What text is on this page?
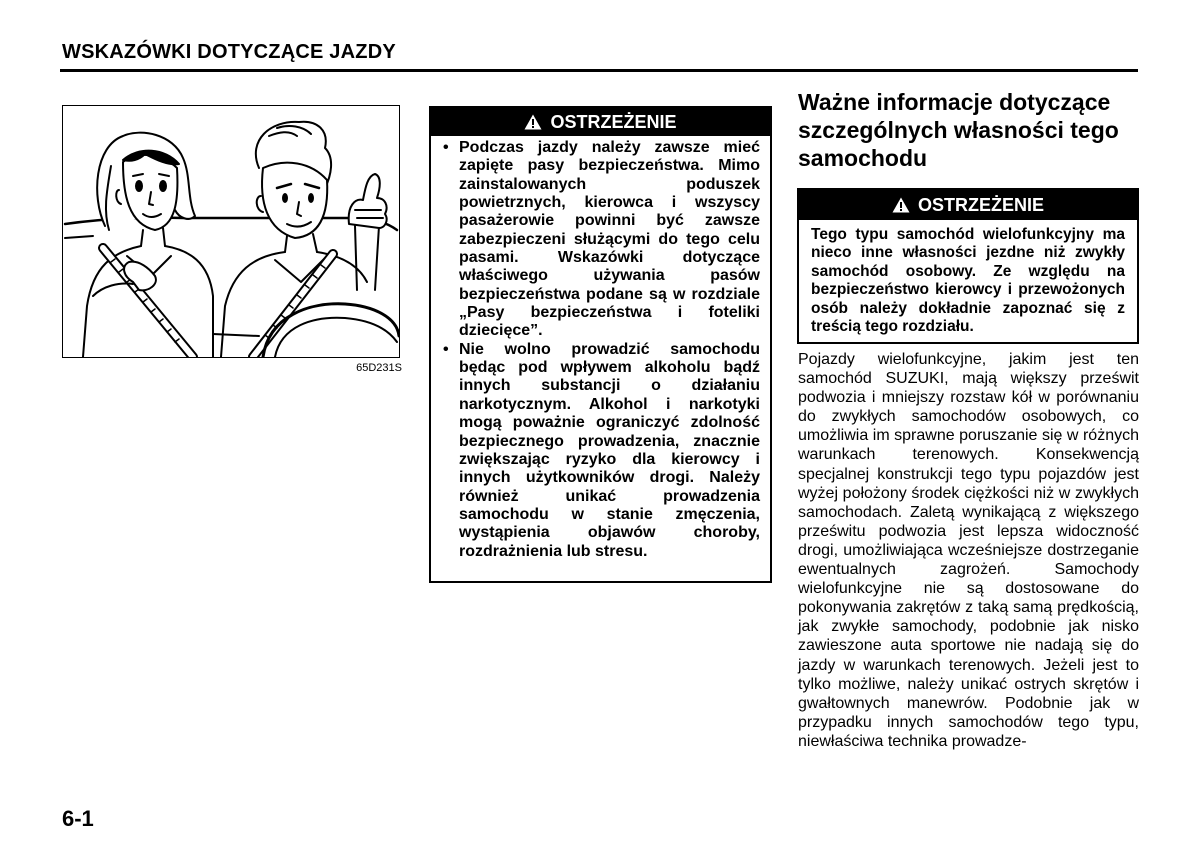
WSKAZÓWKI DOTYCZĄCE JAZDY
65D231S
OSTRZEŻENIE
• Podczas jazdy należy zawsze mieć zapięte pasy bezpieczeństwa. Mimo zainstalowanych poduszek powietrznych, kierowca i wszyscy pasażerowie powinni być zawsze zabezpieczeni służącymi do tego celu pasami. Wskazówki dotyczące właściwego używania pasów bezpieczeństwa podane są w rozdziale „Pasy bezpieczeństwa i foteliki dziecięce”.
• Nie wolno prowadzić samochodu będąc pod wpływem alkoholu bądź innych substancji o działaniu narkotycznym. Alkohol i narkotyki mogą poważnie ograniczyć zdolność bezpiecznego prowadzenia, znacznie zwiększając ryzyko dla kierowcy i innych użytkowników drogi. Należy również unikać prowadzenia samochodu w stanie zmęczenia, wystąpienia objawów choroby, rozdrażnienia lub stresu.
Ważne informacje dotyczące szczególnych własności tego samochodu
OSTRZEŻENIE

Tego typu samochód wielofunkcyjny ma nieco inne własności jezdne niż zwykły samochód osobowy. Ze względu na bezpieczeństwo kierowcy i przewożonych osób należy dokładnie zapoznać się z treścią tego rozdziału.

Pojazdy wielofunkcyjne, jakim jest ten samochód SUZUKI, mają większy prześwit podwozia i mniejszy rozstaw kół w porównaniu do zwykłych samochodów osobowych, co umożliwia im sprawne poruszanie się w różnych warunkach terenowych. Konsekwencją specjalnej konstrukcji tego typu pojazdów jest wyżej położony środek ciężkości niż w zwykłych samochodach. Zaletą wynikającą z większego prześwitu podwozia jest lepsza widoczność drogi, umożliwiająca wcześniejsze dostrzeganie ewentualnych zagrożeń. Samochody wielofunkcyjne nie są dostosowane do pokonywania zakrętów z taką samą prędkością, jak zwykłe samochody, podobnie jak nisko zawieszone auta sportowe nie nadają się do jazdy w warunkach terenowych. Jeżeli jest to tylko możliwe, należy unikać ostrych skrętów i gwałtownych manewrów. Podobnie jak w przypadku innych samochodów tego typu, niewłaściwa technika prowadze-

6-1
